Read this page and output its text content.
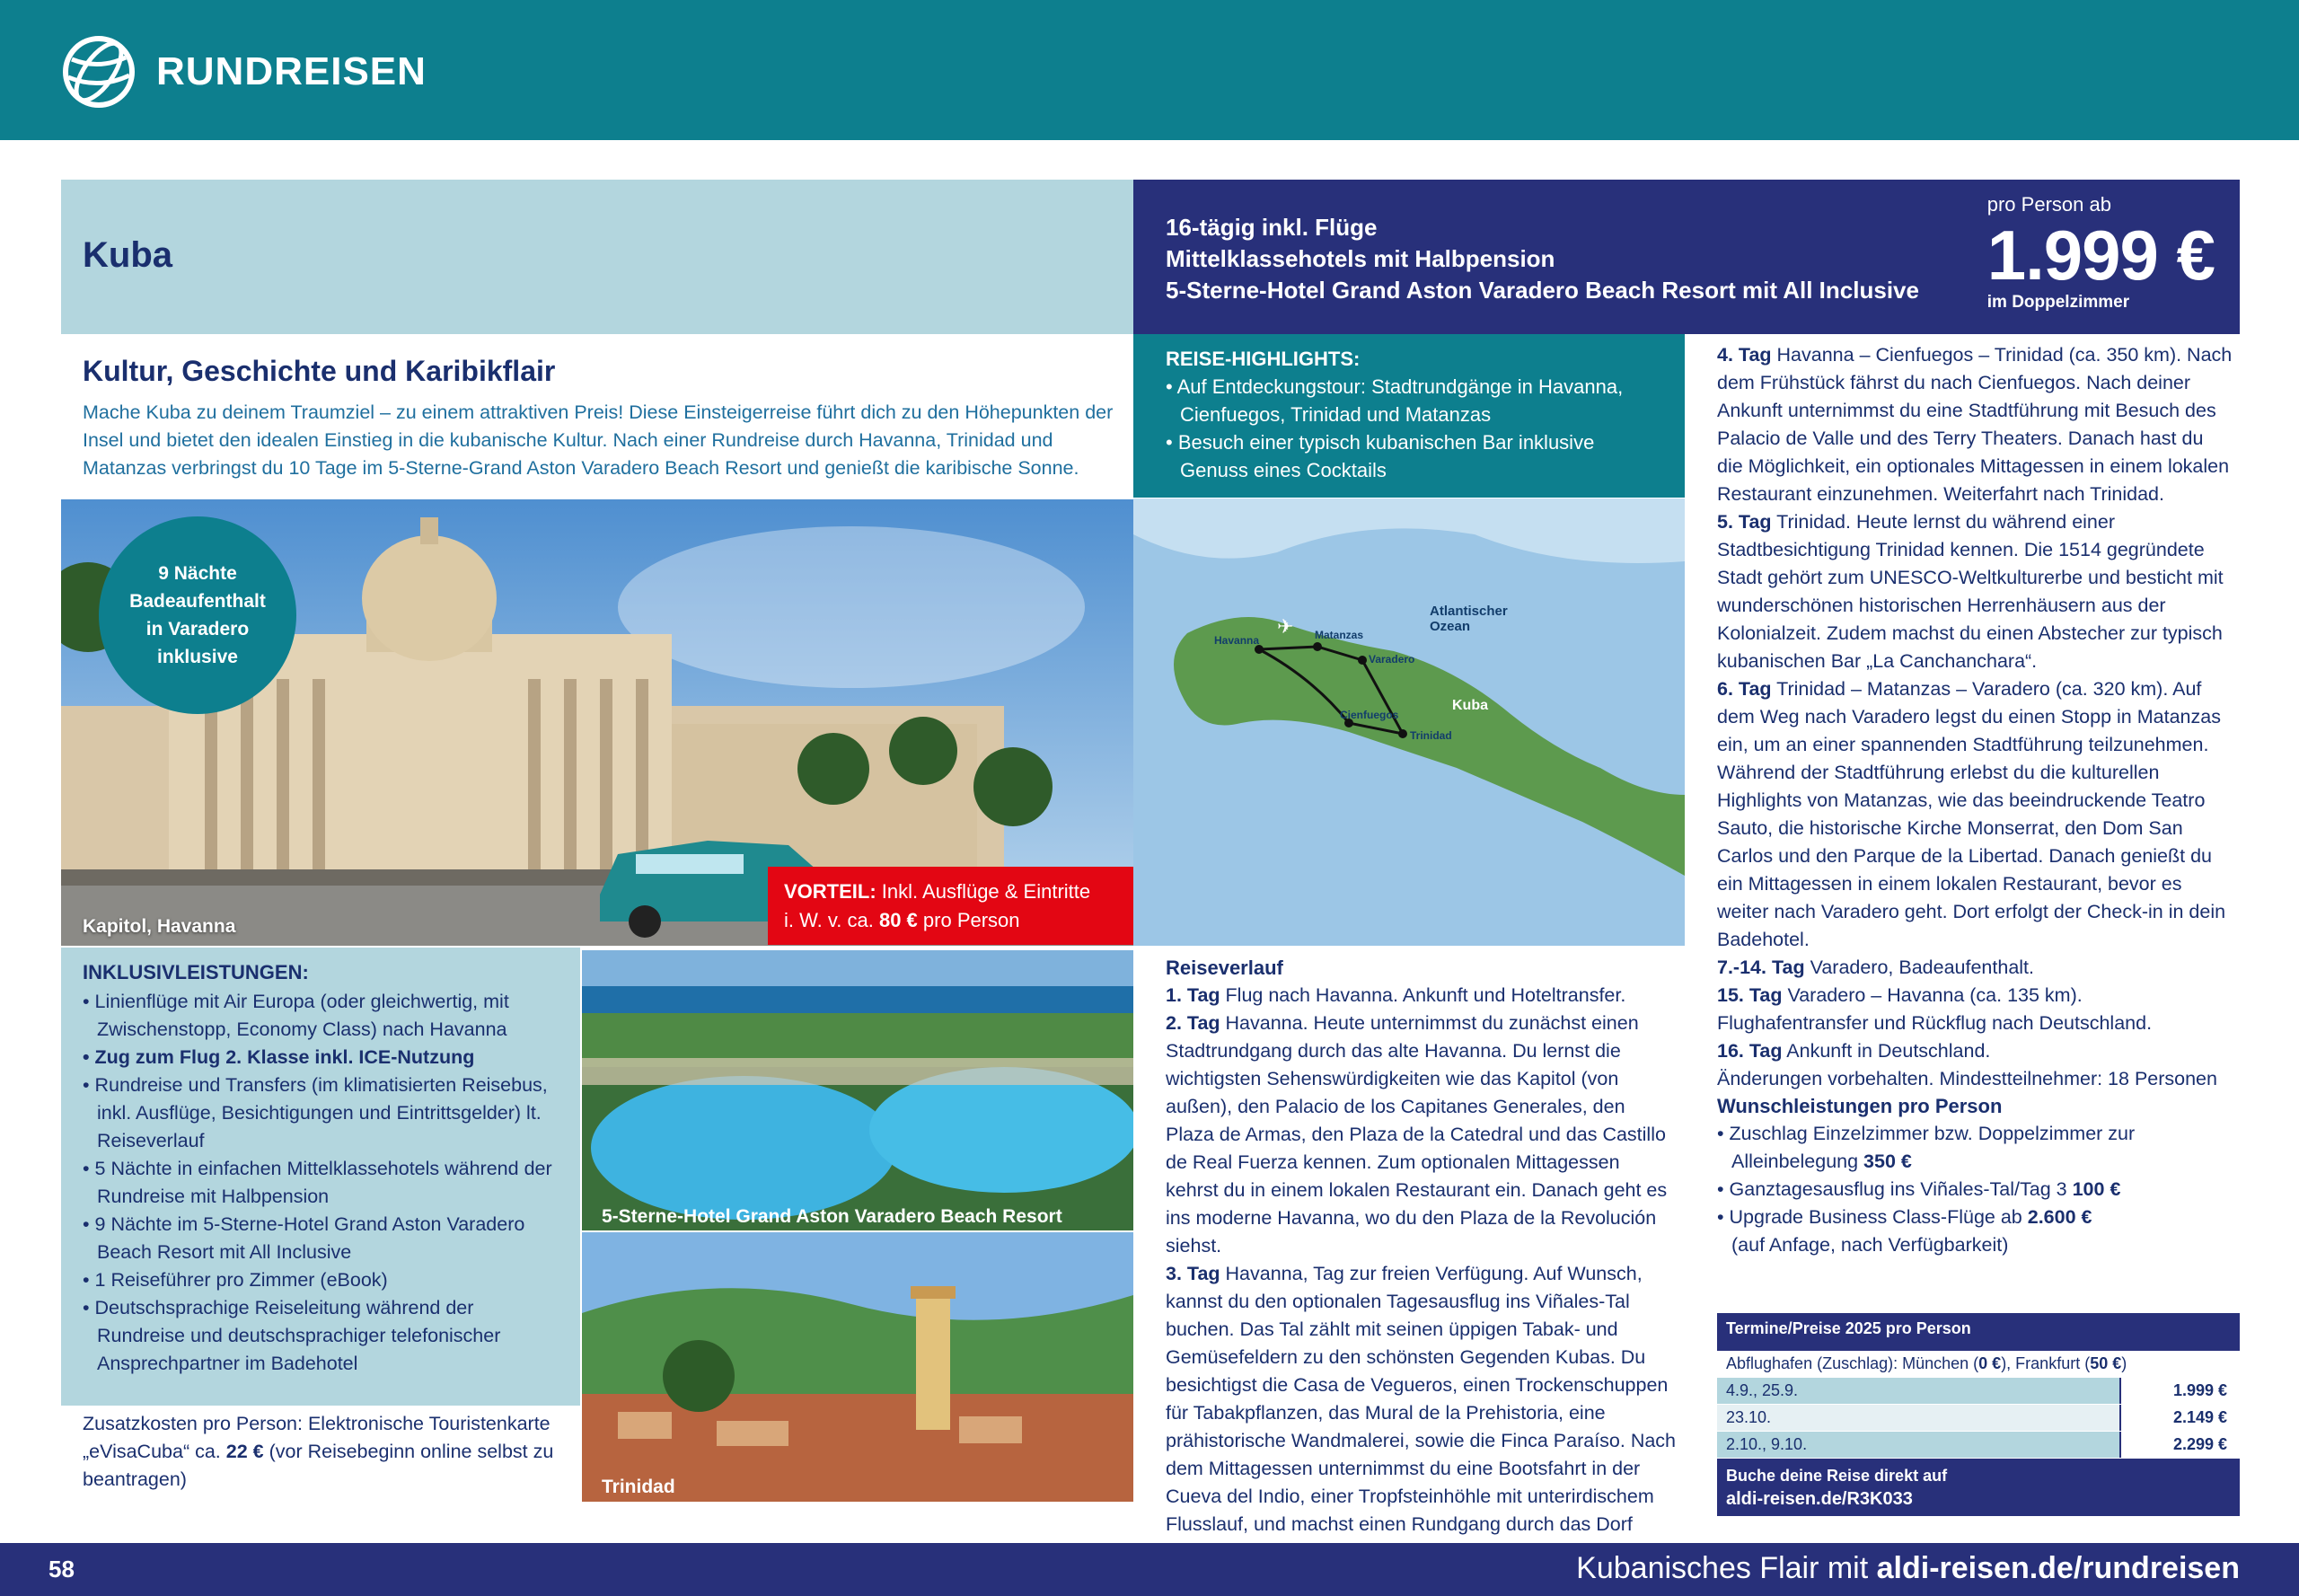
RUNDREISEN
Kuba
16-tägig inkl. Flüge
Mittelklassehotels mit Halbpension
5-Sterne-Hotel Grand Aston Varadero Beach Resort mit All Inclusive
pro Person ab
1.999 €
im Doppelzimmer
Kultur, Geschichte und Karibikflair
Mache Kuba zu deinem Traumziel – zu einem attraktiven Preis! Diese Einsteigerreise führt dich zu den Höhepunkten der Insel und bietet den idealen Einstieg in die kubanische Kultur. Nach einer Rundreise durch Havanna, Trinidad und Matanzas verbringst du 10 Tage im 5-Sterne-Grand Aston Varadero Beach Resort und genießt die karibische Sonne.
Kapitol, Havanna
9 Nächte
Badeaufenthalt
in Varadero
inklusive
VORTEIL: Inkl. Ausflüge & Eintritte
i. W. v. ca. 80 € pro Person
INKLUSIVLEISTUNGEN:
• Linienflüge mit Air Europa (oder gleichwertig, mit Zwischenstopp, Economy Class) nach Havanna
• Zug zum Flug 2. Klasse inkl. ICE-Nutzung
• Rundreise und Transfers (im klimatisierten Reisebus, inkl. Ausflüge, Besichtigungen und Eintrittsgelder) lt. Reiseverlauf
• 5 Nächte in einfachen Mittelklassehotels während der Rundreise mit Halbpension
• 9 Nächte im 5-Sterne-Hotel Grand Aston Varadero Beach Resort mit All Inclusive
• 1 Reiseführer pro Zimmer (eBook)
• Deutschsprachige Reiseleitung während der Rundreise und deutschsprachiger telefonischer Ansprechpartner im Badehotel
Zusatzkosten pro Person: Elektronische Touristenkarte „eVisaCuba“ ca. 22 € (vor Reisebeginn online selbst zu beantragen)
5-Sterne-Hotel Grand Aston Varadero Beach Resort
Trinidad
REISE-HIGHLIGHTS:
• Auf Entdeckungstour: Stadtrundgänge in Havanna, Cienfuegos, Trinidad und Matanzas
• Besuch einer typisch kubanischen Bar inklusive Genuss eines Cocktails
Atlantischer
Ozean
Kuba
✈
Havanna	Matanzas
Varadero
Cienfuegos
Trinidad
Reiseverlauf

1. Tag Flug nach Havanna. Ankunft und Hoteltransfer.

2. Tag Havanna. Heute unternimmst du zunächst einen Stadtrundgang durch das alte Havanna. Du lernst die wichtigsten Sehenswürdigkeiten wie das Kapitol (von außen), den Palacio de los Capitanes Generales, den Plaza de Armas, den Plaza de la Catedral und das Castillo de Real Fuerza kennen. Zum optionalen Mittagessen kehrst du in einem lokalen Restaurant ein. Danach geht es ins moderne Havanna, wo du den Plaza de la Revolución siehst.

3. Tag Havanna, Tag zur freien Verfügung. Auf Wunsch, kannst du den optionalen Tagesausflug ins Viñales-Tal buchen. Das Tal zählt mit seinen üppigen Tabak- und Gemüsefeldern zu den schönsten Gegenden Kubas. Du besichtigst die Casa de Vegueros, einen Trockenschuppen für Tabakpflanzen, das Mural de la Prehistoria, eine prähistorische Wandmalerei, sowie die Finca Paraíso. Nach dem Mittagessen unternimmst du eine Bootsfahrt in der Cueva del Indio, einer Tropfsteinhöhle mit unterirdischem Flusslauf, und machst einen Rundgang durch das Dorf

4. Tag Havanna – Cienfuegos – Trinidad (ca. 350 km). Nach dem Frühstück fährst du nach Cienfuegos. Nach deiner Ankunft unternimmst du eine Stadtführung mit Besuch des Palacio de Valle und des Terry Theaters. Danach hast du die Möglichkeit, ein optionales Mittagessen in einem lokalen Restaurant einzunehmen. Weiterfahrt nach Trinidad.

5. Tag Trinidad. Heute lernst du während einer Stadtbesichtigung Trinidad kennen. Die 1514 gegründete Stadt gehört zum UNESCO-Weltkulturerbe und besticht mit wunderschönen historischen Herrenhäusern aus der Kolonialzeit. Zudem machst du einen Abstecher zur typisch kubanischen Bar „La Canchanchara“.

6. Tag Trinidad – Matanzas – Varadero (ca. 320 km). Auf dem Weg nach Varadero legst du einen Stopp in Matanzas ein, um an einer spannenden Stadtführung teilzunehmen. Während der Stadtführung erlebst du die kulturellen Highlights von Matanzas, wie das beeindruckende Teatro Sauto, die historische Kirche Monserrat, den Dom San Carlos und den Parque de la Libertad. Danach genießt du ein Mittagessen in einem lokalen Restaurant, bevor es weiter nach Varadero geht. Dort erfolgt der Check-in in dein Badehotel.

7.-14. Tag Varadero, Badeaufenthalt.

15. Tag Varadero – Havanna (ca. 135 km). Flughafentransfer und Rückflug nach Deutschland.

16. Tag Ankunft in Deutschland.

Änderungen vorbehalten. Mindestteilnehmer: 18 Personen

Wunschleistungen pro Person
• Zuschlag Einzelzimmer bzw. Doppelzimmer zur Alleinbelegung 350 €
• Ganztagesausflug ins Viñales-Tal/Tag 3 100 €
• Upgrade Business Class-Flüge ab 2.600 €
(auf Anfage, nach Verfügbarkeit)
Termine/Preise 2025 pro Person
Abflughafen (Zuschlag): München (0 €), Frankfurt (50 €)
4.9., 25.9.	1.999 €
23.10.	2.149 €
2.10., 9.10.	2.299 €
Buche deine Reise direkt auf
aldi-reisen.de/R3K033
58	Kubanisches Flair mit aldi-reisen.de/rundreisen
